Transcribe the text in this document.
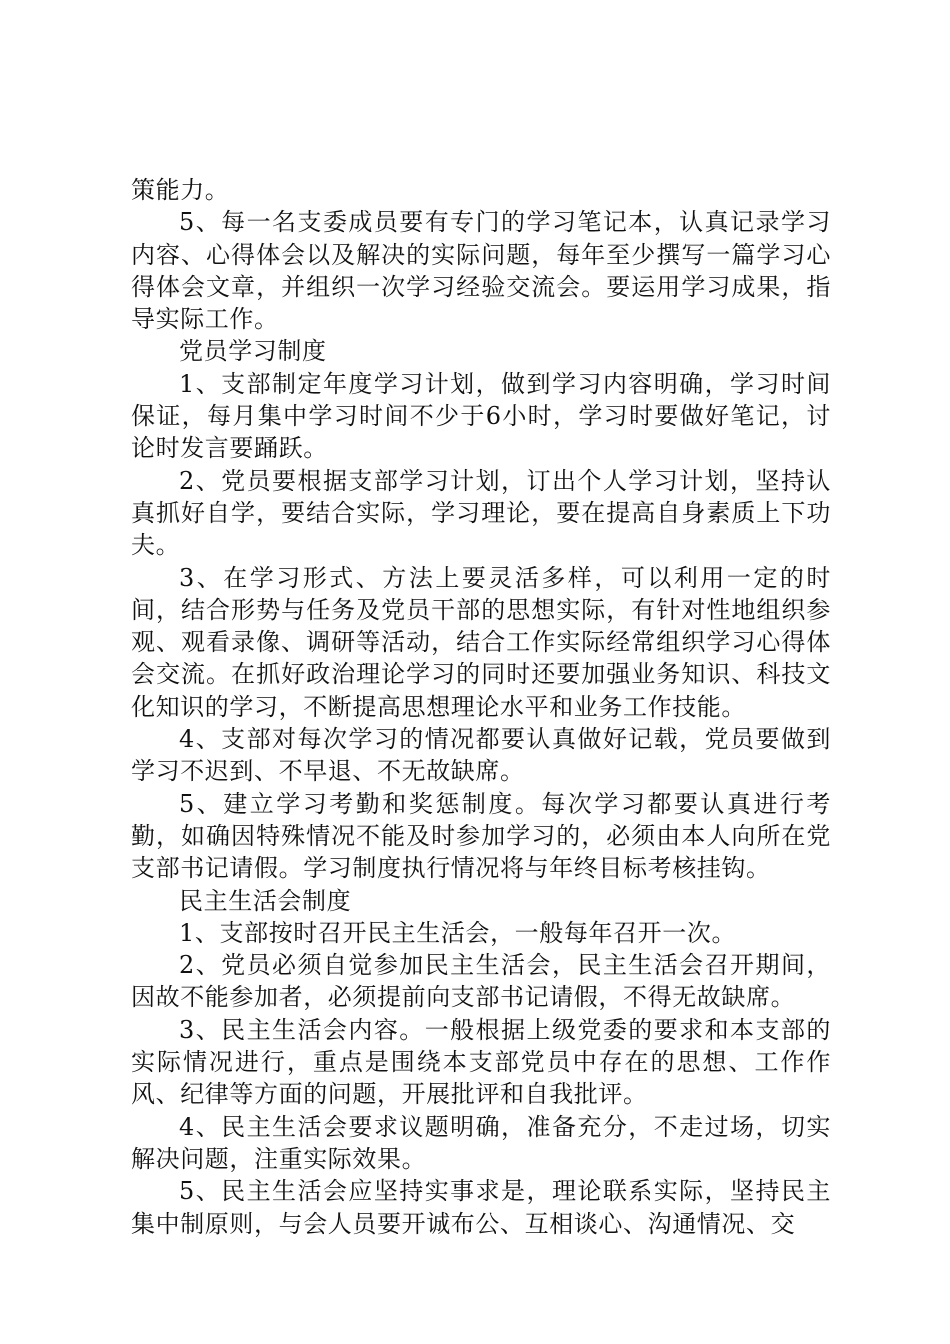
策能力。

5、每一名支委成员要有专门的学习笔记本，认真记录学习内容、心得体会以及解决的实际问题，每年至少撰写一篇学习心得体会文章，并组织一次学习经验交流会。要运用学习成果，指导实际工作。

党员学习制度

1、支部制定年度学习计划，做到学习内容明确，学习时间保证，每月集中学习时间不少于6小时，学习时要做好笔记，讨论时发言要踊跃。

2、党员要根据支部学习计划，订出个人学习计划，坚持认真抓好自学，要结合实际，学习理论，要在提高自身素质上下功夫。

3、在学习形式、方法上要灵活多样，可以利用一定的时间，结合形势与任务及党员干部的思想实际，有针对性地组织参观、观看录像、调研等活动，结合工作实际经常组织学习心得体会交流。在抓好政治理论学习的同时还要加强业务知识、科技文化知识的学习，不断提高思想理论水平和业务工作技能。

4、支部对每次学习的情况都要认真做好记载，党员要做到学习不迟到、不早退、不无故缺席。

5、建立学习考勤和奖惩制度。每次学习都要认真进行考勤，如确因特殊情况不能及时参加学习的，必须由本人向所在党支部书记请假。学习制度执行情况将与年终目标考核挂钩。

民主生活会制度

1、支部按时召开民主生活会，一般每年召开一次。

2、党员必须自觉参加民主生活会，民主生活会召开期间，因故不能参加者，必须提前向支部书记请假，不得无故缺席。

3、民主生活会内容。一般根据上级党委的要求和本支部的实际情况进行，重点是围绕本支部党员中存在的思想、工作作风、纪律等方面的问题，开展批评和自我批评。

4、民主生活会要求议题明确，准备充分，不走过场，切实解决问题，注重实际效果。

5、民主生活会应坚持实事求是，理论联系实际，坚持民主集中制原则，与会人员要开诚布公、互相谈心、沟通情况、交
